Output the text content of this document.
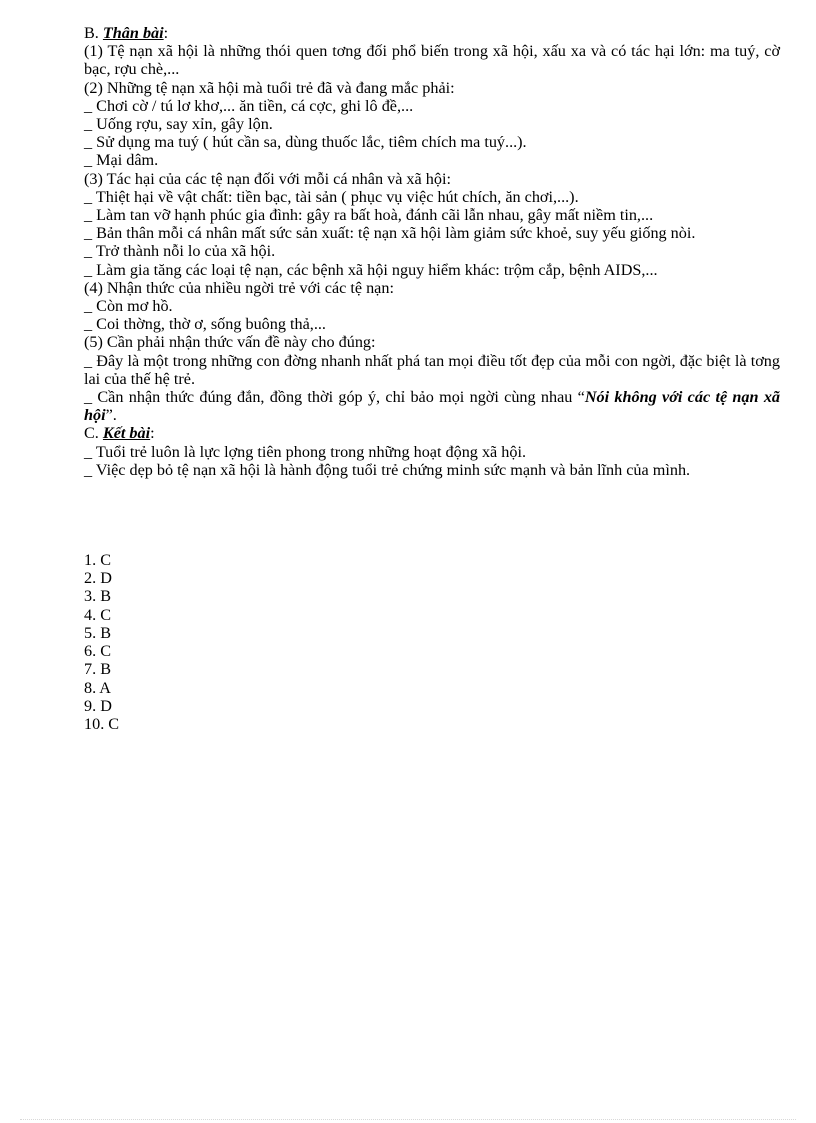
B. Thân bài:

(1) Tệ nạn xã hội là những thói quen tơng đối phổ biến trong xã hội, xấu xa và có tác hại lớn: ma tuý, cờ bạc, rợu chè,...

(2) Những tệ nạn xã hội mà tuổi trẻ đã và đang mắc phải:

_ Chơi cờ / tú lơ khơ,... ăn tiền, cá cợc, ghi lô đề,...

_ Uống rợu, say xỉn, gây lộn.

_ Sử dụng ma tuý ( hút cần sa, dùng thuốc lắc, tiêm chích ma tuý...).

_ Mại dâm.

(3) Tác hại của các tệ nạn đối với mỗi cá nhân và xã hội:

_ Thiệt hại về vật chất: tiền bạc, tài sản ( phục vụ việc hút chích, ăn chơi,...).

_ Làm tan vỡ hạnh phúc gia đình: gây ra bất hoà, đánh cãi lẫn nhau, gây mất niềm tin,...

_ Bản thân mỗi cá nhân mất sức sản xuất: tệ nạn xã hội làm giảm sức khoẻ, suy yếu giống nòi.

_ Trở thành nỗi lo của xã hội.

_ Làm gia tăng các loại tệ nạn, các bệnh xã hội nguy hiểm khác: trộm cắp, bệnh AIDS,...

(4) Nhận thức của nhiều ngời trẻ với các tệ nạn:

_ Còn mơ hồ.

_ Coi thờng, thờ ơ, sống buông thả,...

(5) Cần phải nhận thức vấn đề này cho đúng:

_ Đây là một trong những con đờng nhanh nhất phá tan mọi điều tốt đẹp của mỗi con ngời, đặc biệt là tơng lai của thế hệ trẻ.

_ Cần nhận thức đúng đắn, đồng thời góp ý, chỉ bảo mọi ngời cùng nhau “Nói không với các tệ nạn xã hội”.

C. Kết bài:

_ Tuổi trẻ luôn là lực lợng tiên phong trong những hoạt động xã hội.

_ Việc dẹp bỏ tệ nạn xã hội là hành động tuổi trẻ chứng minh sức mạnh và bản lĩnh của mình.

1. C

2. D

3. B

4. C

5. B

6. C

7. B

8. A

9. D

10. C
